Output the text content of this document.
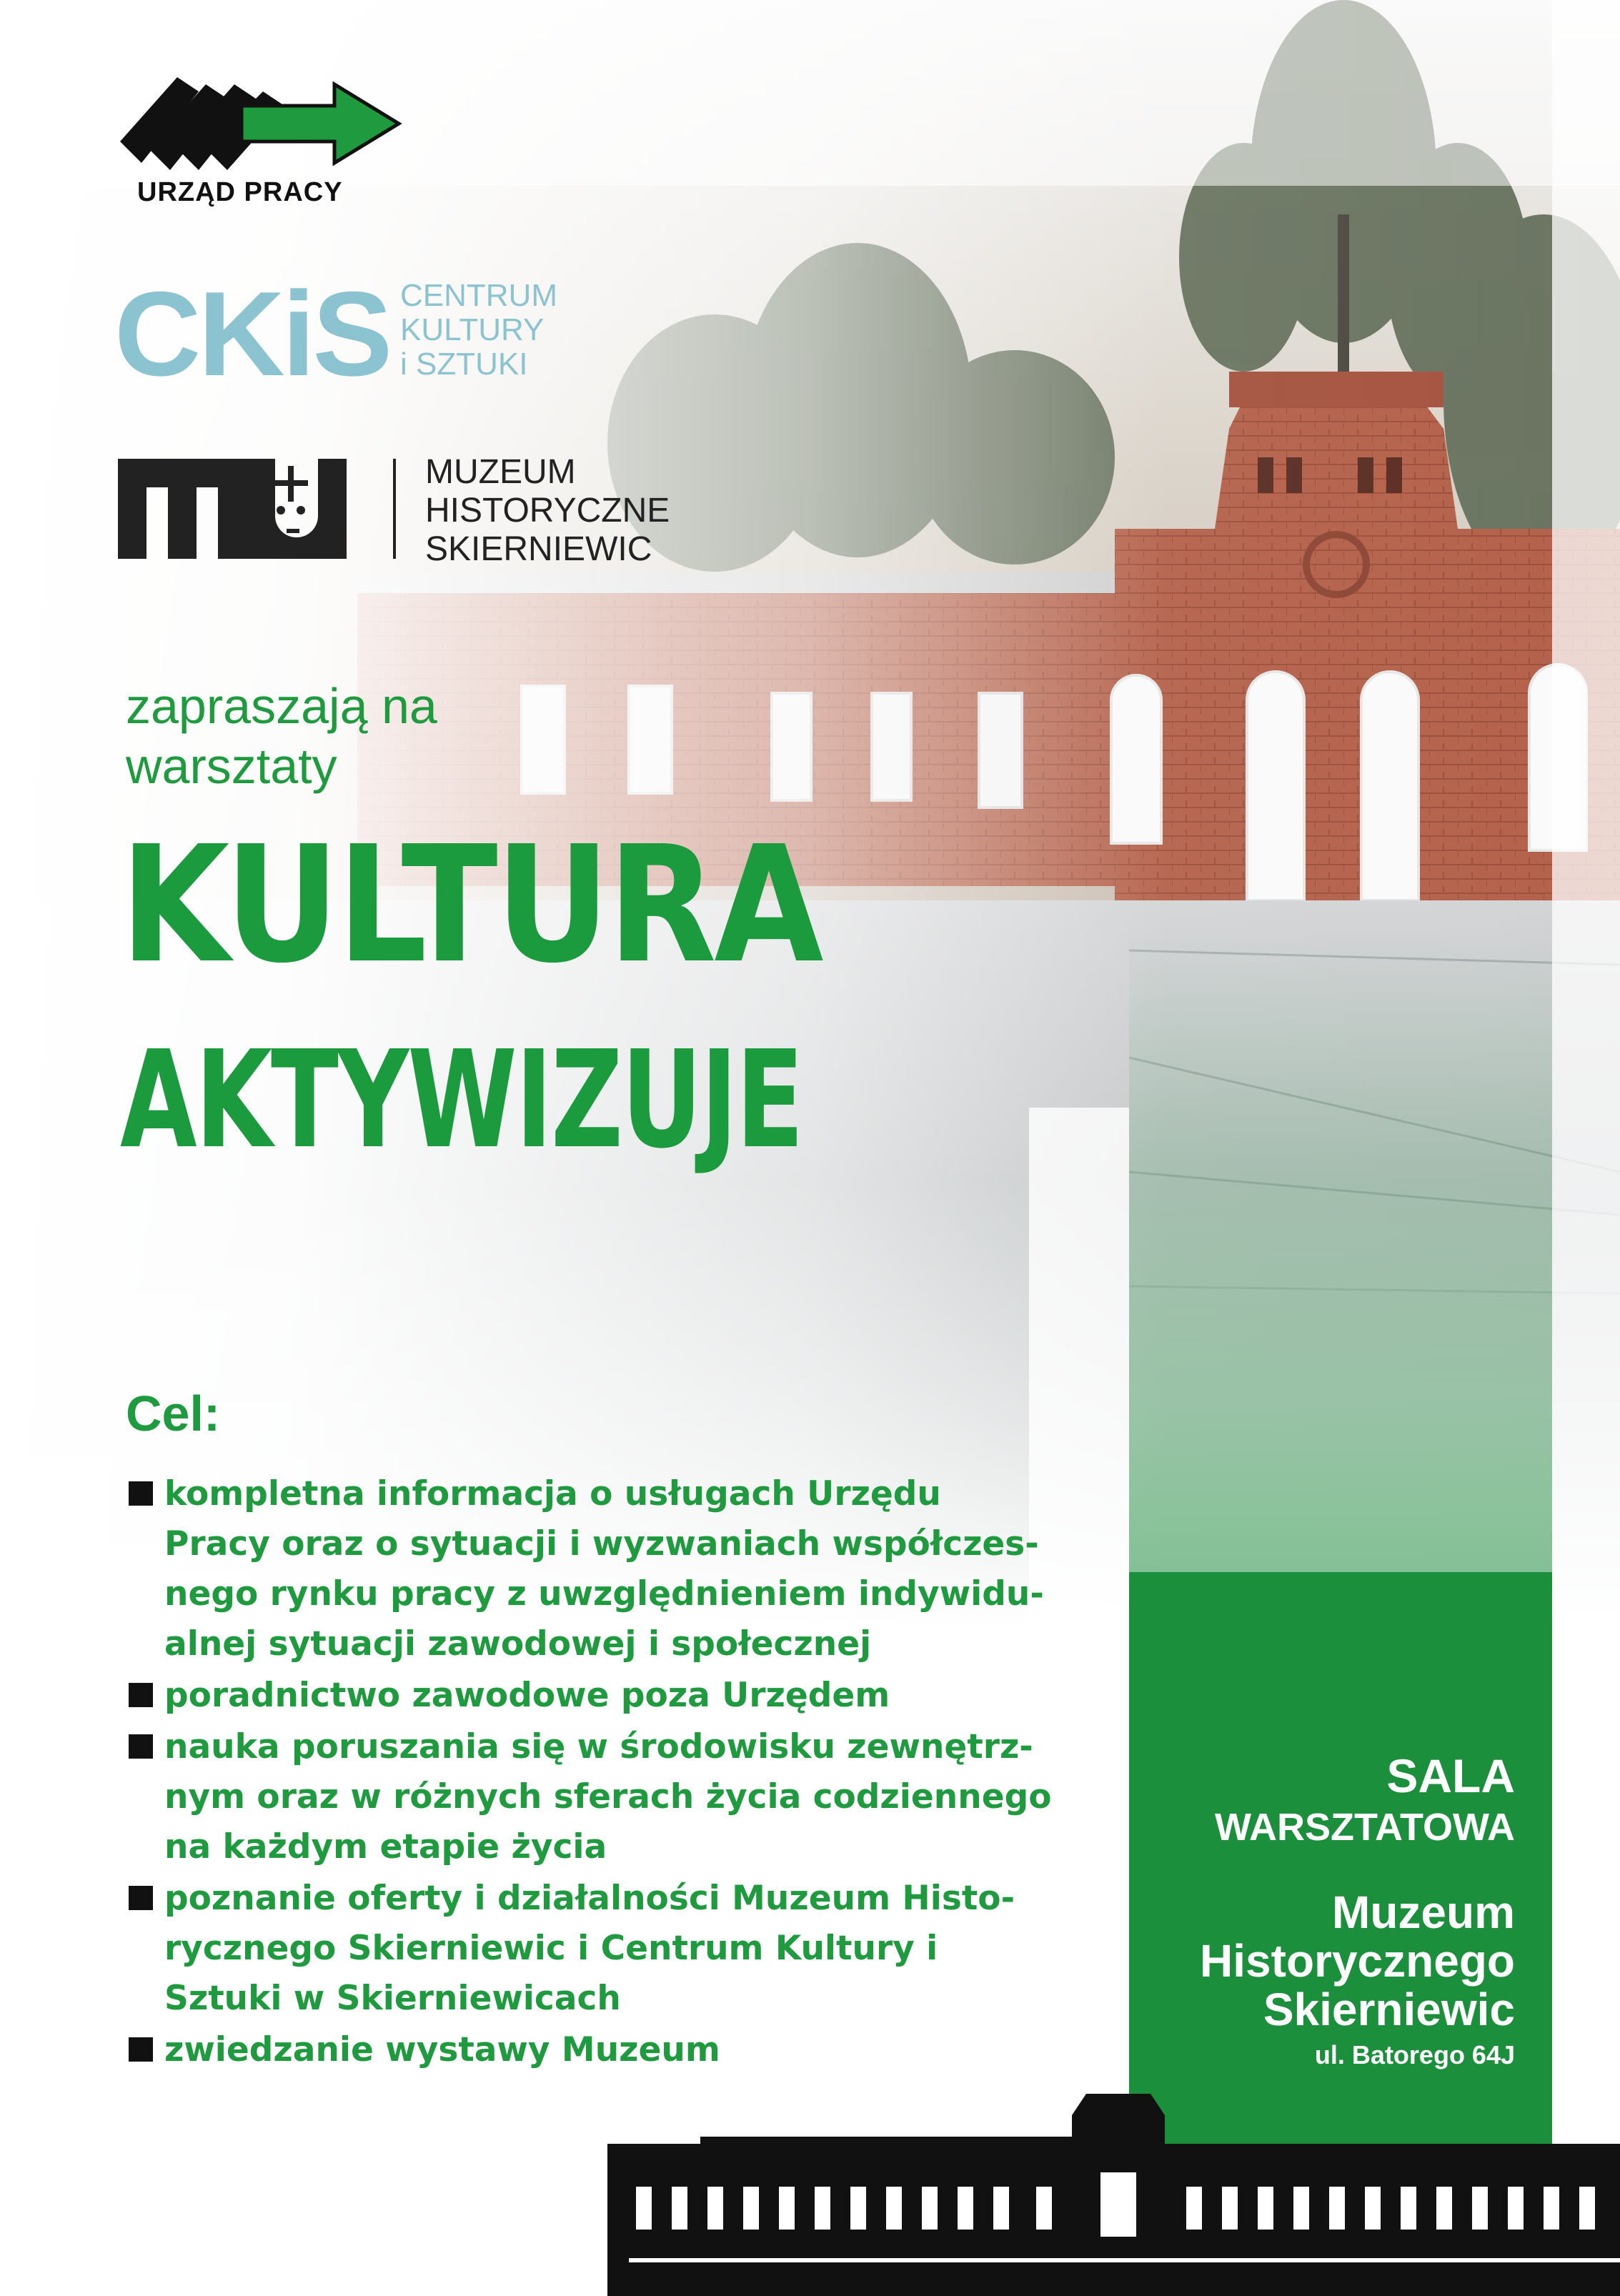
URZĄD PRACY
CKiS CENTRUM
KULTURY
i SZTUKI
MUZEUM
HISTORYCZNE
SKIERNIEWIC
zapraszają na
warsztaty
KULTURA
AKTYWIZUJE
Cel:
kompletna informacja o usługach Urzędu Pracy oraz o sytuacji i wyzwaniach współczes-nego rynku pracy z uwzględnieniem indywidu-alnej sytuacji zawodowej i społecznej
poradnictwo zawodowe poza Urzędem
nauka poruszania się w środowisku zewnętrz-nym oraz w różnych sferach życia codziennego na każdym etapie życia
poznanie oferty i działalności Muzeum Histo-rycznego Skierniewic i Centrum Kultury i Sztuki w Skierniewicach
zwiedzanie wystawy Muzeum
SALA
WARSZTATOWA
Muzeum
Historycznego
Skierniewic
ul. Batorego 64J
